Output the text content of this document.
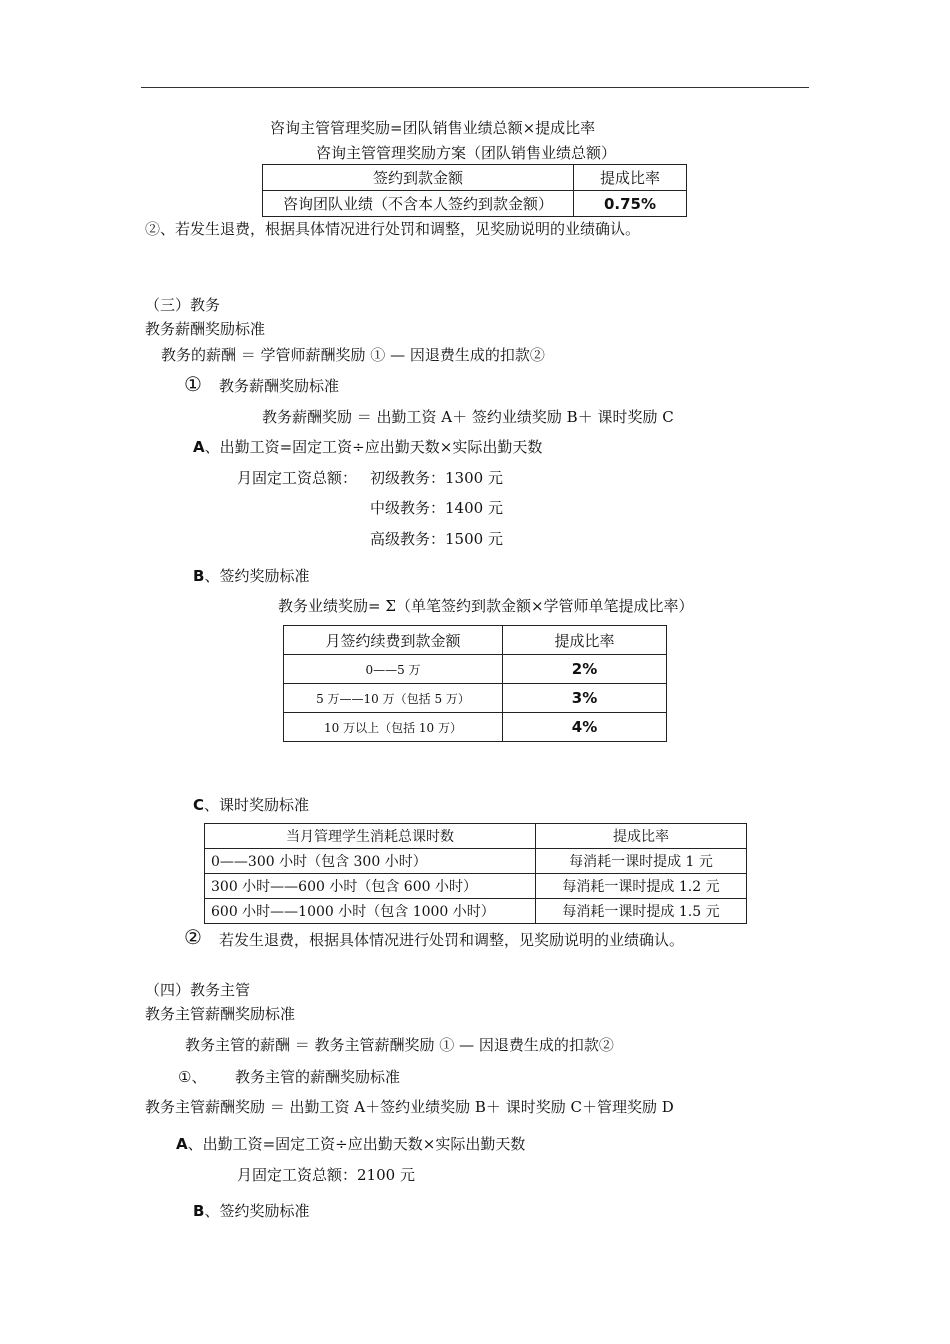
咨询主管管理奖励=团队销售业绩总额×提成比率
咨询主管管理奖励方案（团队销售业绩总额）
签约到款金额	提成比率
咨询团队业绩（不含本人签约到款金额）	0.75%
②、若发生退费，根据具体情况进行处罚和调整，见奖励说明的业绩确认。
（三）教务
教务薪酬奖励标准
教务的薪酬 ＝ 学管师薪酬奖励 ① — 因退费生成的扣款②
① 教务薪酬奖励标准
教务薪酬奖励 ＝ 出勤工资 A＋ 签约业绩奖励 B＋ 课时奖励 C
A、出勤工资=固定工资÷应出勤天数×实际出勤天数
月固定工资总额： 初级教务：1300 元
中级教务：1400 元
高级教务：1500 元
B、签约奖励标准
教务业绩奖励= Σ（单笔签约到款金额×学管师单笔提成比率）
月签约续费到款金额	提成比率
0——5 万	2%
5 万——10 万（包括 5 万）	3%
10 万以上（包括 10 万）	4%
C、课时奖励标准
当月管理学生消耗总课时数	提成比率
0——300 小时（包含 300 小时）	每消耗一课时提成 1 元
300 小时——600 小时（包含 600 小时）	每消耗一课时提成 1.2 元
600 小时——1000 小时（包含 1000 小时）	每消耗一课时提成 1.5 元
② 若发生退费，根据具体情况进行处罚和调整，见奖励说明的业绩确认。
（四）教务主管
教务主管薪酬奖励标准
教务主管的薪酬 ＝ 教务主管薪酬奖励 ① — 因退费生成的扣款②
①、 教务主管的薪酬奖励标准
教务主管薪酬奖励 ＝ 出勤工资 A＋签约业绩奖励 B＋ 课时奖励 C＋管理奖励 D
A、出勤工资=固定工资÷应出勤天数×实际出勤天数
月固定工资总额：2100 元
B、签约奖励标准
